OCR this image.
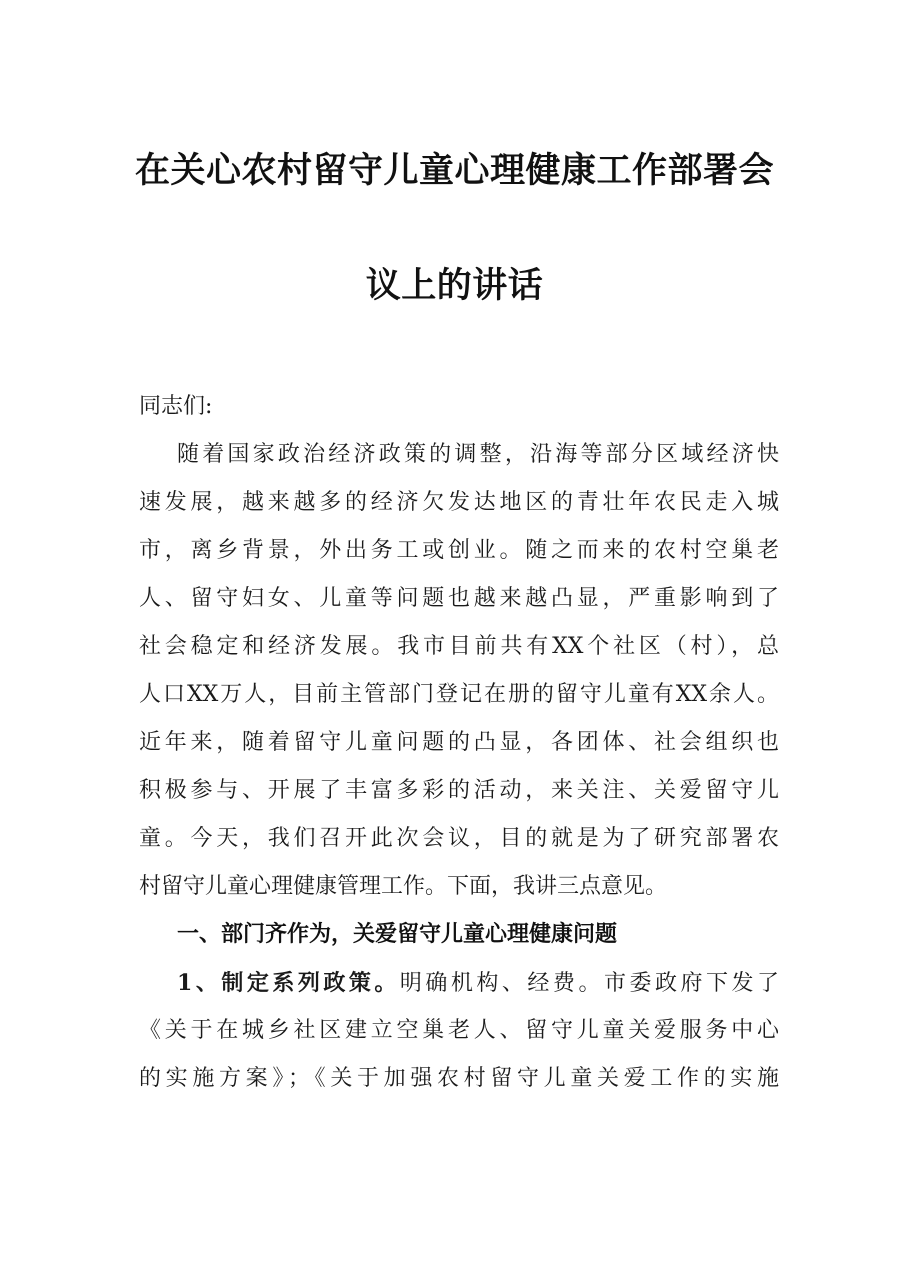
在关心农村留守儿童心理健康工作部署会
议上的讲话
同志们:
随着国家政治经济政策的调整，沿海等部分区域经济快
速发展，越来越多的经济欠发达地区的青壮年农民走入城
市，离乡背景，外出务工或创业。随之而来的农村空巢老
人、留守妇女、儿童等问题也越来越凸显，严重影响到了
社会稳定和经济发展。我市目前共有XX个社区（村），总
人口XX万人，目前主管部门登记在册的留守儿童有XX余人。
近年来，随着留守儿童问题的凸显，各团体、社会组织也
积极参与、开展了丰富多彩的活动，来关注、关爱留守儿
童。今天，我们召开此次会议，目的就是为了研究部署农
村留守儿童心理健康管理工作。下面，我讲三点意见。
一、部门齐作为，关爱留守儿童心理健康问题
1、制定系列政策。明确机构、经费。市委政府下发了
《关于在城乡社区建立空巢老人、留守儿童关爱服务中心
的实施方案》；《关于加强农村留守儿童关爱工作的实施
